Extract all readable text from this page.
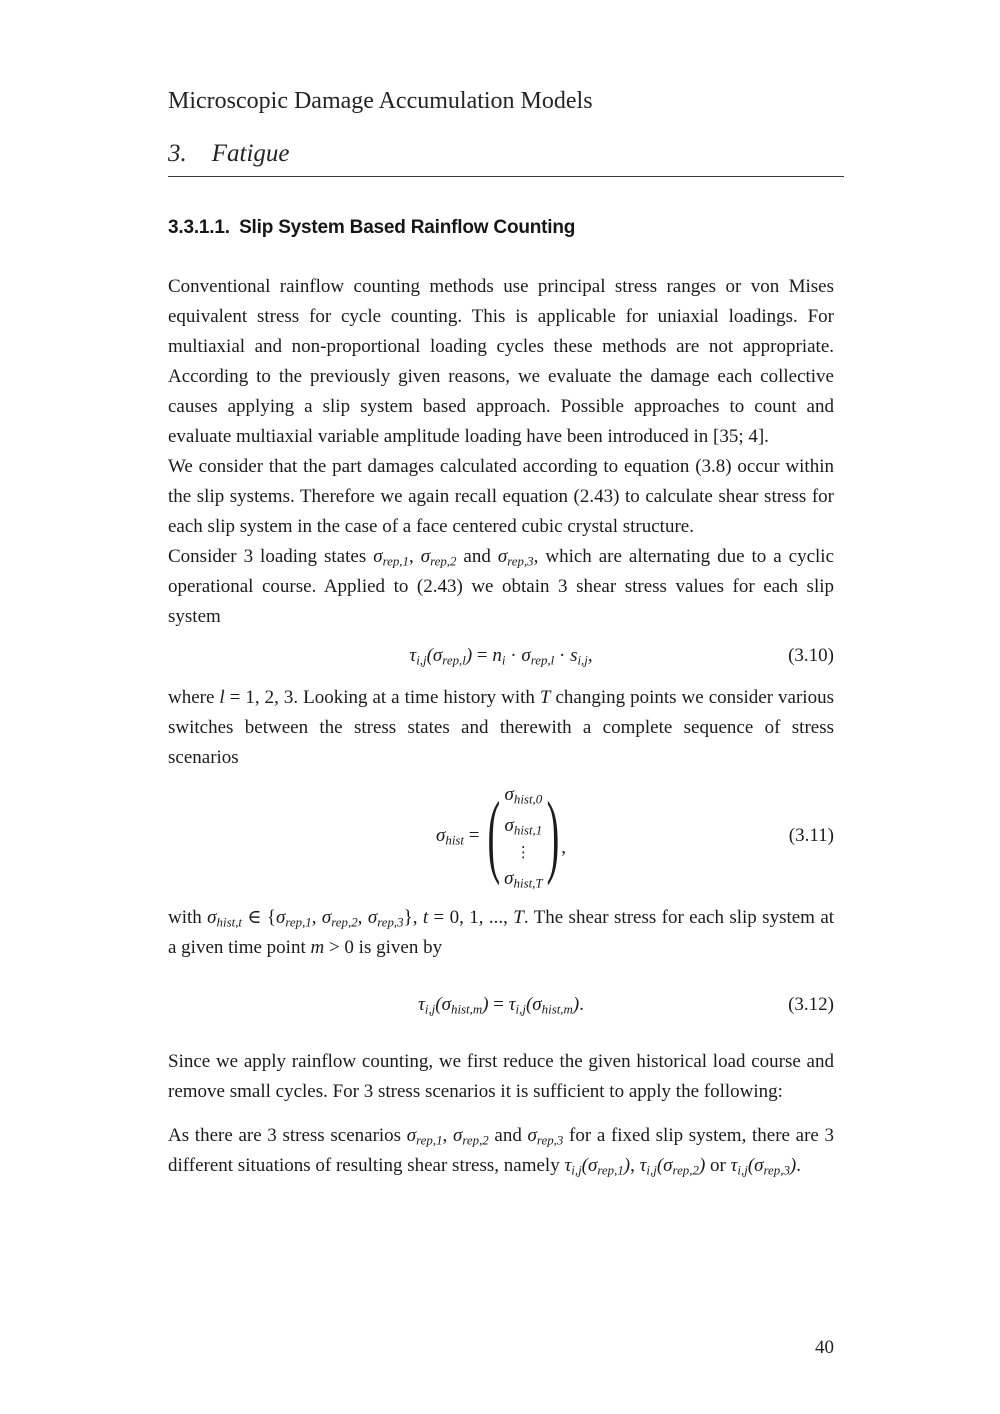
Microscopic Damage Accumulation Models
3. Fatigue
3.3.1.1. Slip System Based Rainflow Counting

Conventional rainflow counting methods use principal stress ranges or von Mises equivalent stress for cycle counting. This is applicable for uniaxial loadings. For multiaxial and non-proportional loading cycles these methods are not appropriate. According to the previously given reasons, we evaluate the damage each collective causes applying a slip system based approach. Possible approaches to count and evaluate multiaxial variable amplitude loading have been introduced in [35; 4].

We consider that the part damages calculated according to equation (3.8) occur within the slip systems. Therefore we again recall equation (2.43) to calculate shear stress for each slip system in the case of a face centered cubic crystal structure.

Consider 3 loading states $\sigma_{rep,1}$, $\sigma_{rep,2}$ and $\sigma_{rep,3}$, which are alternating due to a cyclic operational course. Applied to (2.43) we obtain 3 shear stress values for each slip system

$\tau_{i,j}(\sigma_{rep,l}) = n_i \cdot \sigma_{rep,l} \cdot s_{i,j}$,	(3.10)

where l = 1, 2, 3. Looking at a time history with T changing points we consider various switches between the stress states and therewith a complete sequence of stress scenarios

$\sigma_{hist}$ = ( $\sigma_{hist,0}$
$\sigma_{hist,1}$
⋮
$\sigma_{hist,T}$ ) ,
(3.11)

with $\sigma_{hist,t}$ ∈ {$\sigma_{rep,1}$, $\sigma_{rep,2}$, $\sigma_{rep,3}$}, t = 0, 1, ..., T. The shear stress for each slip system at a given time point m > 0 is given by

$\tau_{i,j}(\sigma_{hist,m}) = \tau_{i,j}(\sigma_{hist,m})$.	(3.12)

Since we apply rainflow counting, we first reduce the given historical load course and remove small cycles. For 3 stress scenarios it is sufficient to apply the following:

As there are 3 stress scenarios $\sigma_{rep,1}$, $\sigma_{rep,2}$ and $\sigma_{rep,3}$ for a fixed slip system, there are 3 different situations of resulting shear stress, namely $\tau_{i,j}(\sigma_{rep,1})$, $\tau_{i,j}(\sigma_{rep,2})$ or $\tau_{i,j}(\sigma_{rep,3})$.

40
